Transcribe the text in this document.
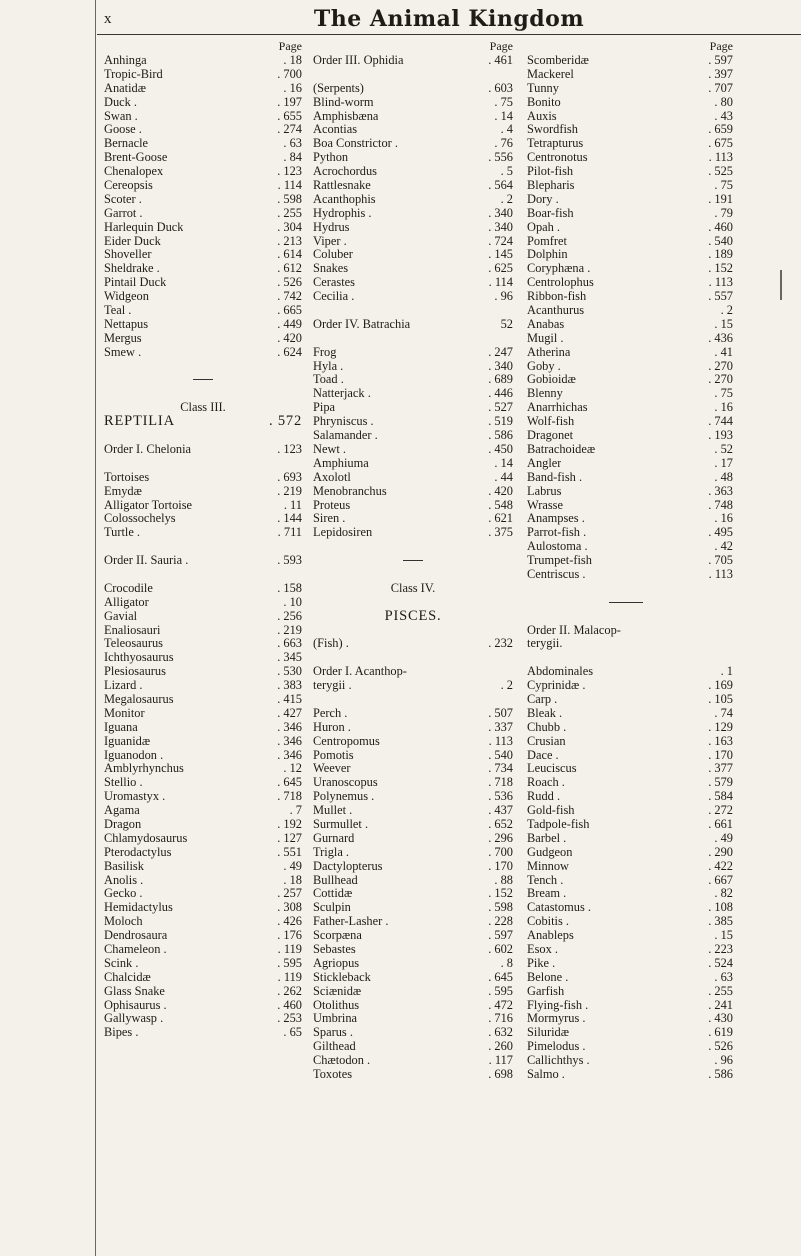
x	The Animal Kingdom
Page
Anhinga	. 18
Tropic-Bird	. 700
Anatidæ	. 16
Duck .	. 197
Swan .	. 655
Goose .	. 274
Bernacle	. 63
Brent-Goose	. 84
Chenalopex	. 123
Cereopsis	. 114
Scoter .	. 598
Garrot .	. 255
Harlequin Duck	. 304
Eider Duck	. 213
Shoveller	. 614
Sheldrake .	. 612
Pintail Duck	. 526
Widgeon	. 742
Teal .	. 665
Nettapus	. 449
Mergus	. 420
Smew .	. 624
Class III.
REPTILIA	. 572
Order I. Chelonia	. 123
Tortoises	. 693
Emydæ	. 219
Alligator Tortoise	. 11
Colossochelys	. 144
Turtle .	. 711
Order II. Sauria .	. 593
Crocodile	. 158
Alligator	. 10
Gavial	. 256
Enaliosauri	. 219
Teleosaurus	. 663
Ichthyosaurus	. 345
Plesiosaurus	. 530
Lizard .	. 383
Megalosaurus	. 415
Monitor	. 427
Iguana	. 346
Iguanidæ	. 346
Iguanodon .	. 346
Amblyrhynchus	. 12
Stellio .	. 645
Uromastyx .	. 718
Agama	. 7
Dragon	. 192
Chlamydosaurus	. 127
Pterodactylus	. 551
Basilisk	. 49
Anolis .	. 18
Gecko .	. 257
Hemidactylus	. 308
Moloch	. 426
Dendrosaura	. 176
Chameleon .	. 119
Scink .	. 595
Chalcidæ	. 119
Glass Snake	. 262
Ophisaurus .	. 460
Gallywasp .	. 253
Bipes .	. 65
Page
Order III. Ophidia	. 461
(Serpents)	. 603
Blind-worm	. 75
Amphisbæna	. 14
Acontias	. 4
Boa Constrictor .	. 76
Python	. 556
Acrochordus	. 5
Rattlesnake	. 564
Acanthophis	. 2
Hydrophis .	. 340
Hydrus	. 340
Viper .	. 724
Coluber	. 145
Snakes	. 625
Cerastes	. 114
Cecilia .	. 96
Order IV. Batrachia	52
Frog	. 247
Hyla .	. 340
Toad .	. 689
Natterjack .	. 446
Pipa	. 527
Phryniscus .	. 519
Salamander .	. 586
Newt .	. 450
Amphiuma	. 14
Axolotl	. 44
Menobranchus	. 420
Proteus	. 548
Siren .	. 621
Lepidosiren	. 375
Class IV.
PISCES.
(Fish) .	. 232
Order I. Acanthop-
terygii .	. 2
Perch .	. 507
Huron .	. 337
Centropomus	. 113
Pomotis	. 540
Weever	. 734
Uranoscopus	. 718
Polynemus .	. 536
Mullet .	. 437
Surmullet .	. 652
Gurnard	. 296
Trigla .	. 700
Dactylopterus	. 170
Bullhead	. 88
Cottidæ	. 152
Sculpin	. 598
Father-Lasher .	. 228
Scorpæna	. 597
Sebastes	. 602
Agriopus	. 8
Stickleback	. 645
Sciænidæ	. 595
Otolithus	. 472
Umbrina	. 716
Sparus .	. 632
Gilthead	. 260
Chætodon .	. 117
Toxotes	. 698
Page
Scomberidæ	. 597
Mackerel	. 397
Tunny	. 707
Bonito	. 80
Auxis	. 43
Swordfish	. 659
Tetrapturus	. 675
Centronotus	. 113
Pilot-fish	. 525
Blepharis	. 75
Dory .	. 191
Boar-fish	. 79
Opah .	. 460
Pomfret	. 540
Dolphin	. 189
Coryphæna .	. 152
Centrolophus	. 113
Ribbon-fish	. 557
Acanthurus	. 2
Anabas	. 15
Mugil .	. 436
Atherina	. 41
Goby .	. 270
Gobioidæ	. 270
Blenny	. 75
Anarrhichas	. 16
Wolf-fish	. 744
Dragonet	. 193
Batrachoideæ	. 52
Angler	. 17
Band-fish .	. 48
Labrus	. 363
Wrasse	. 748
Anampses .	. 16
Parrot-fish .	. 495
Aulostoma .	. 42
Trumpet-fish	. 705
Centriscus .	. 113
Order II. Malacop-
terygii.
Abdominales	. 1
Cyprinidæ .	. 169
Carp .	. 105
Bleak .	. 74
Chubb .	. 129
Crusian	. 163
Dace .	. 170
Leuciscus	. 377
Roach .	. 579
Rudd .	. 584
Gold-fish	. 272
Tadpole-fish	. 661
Barbel .	. 49
Gudgeon	. 290
Minnow	. 422
Tench .	. 667
Bream .	. 82
Catastomus .	. 108
Cobitis .	. 385
Anableps	. 15
Esox .	. 223
Pike .	. 524
Belone .	. 63
Garfish	. 255
Flying-fish .	. 241
Mormyrus .	. 430
Siluridæ	. 619
Pimelodus .	. 526
Callichthys .	. 96
Salmo .	. 586
